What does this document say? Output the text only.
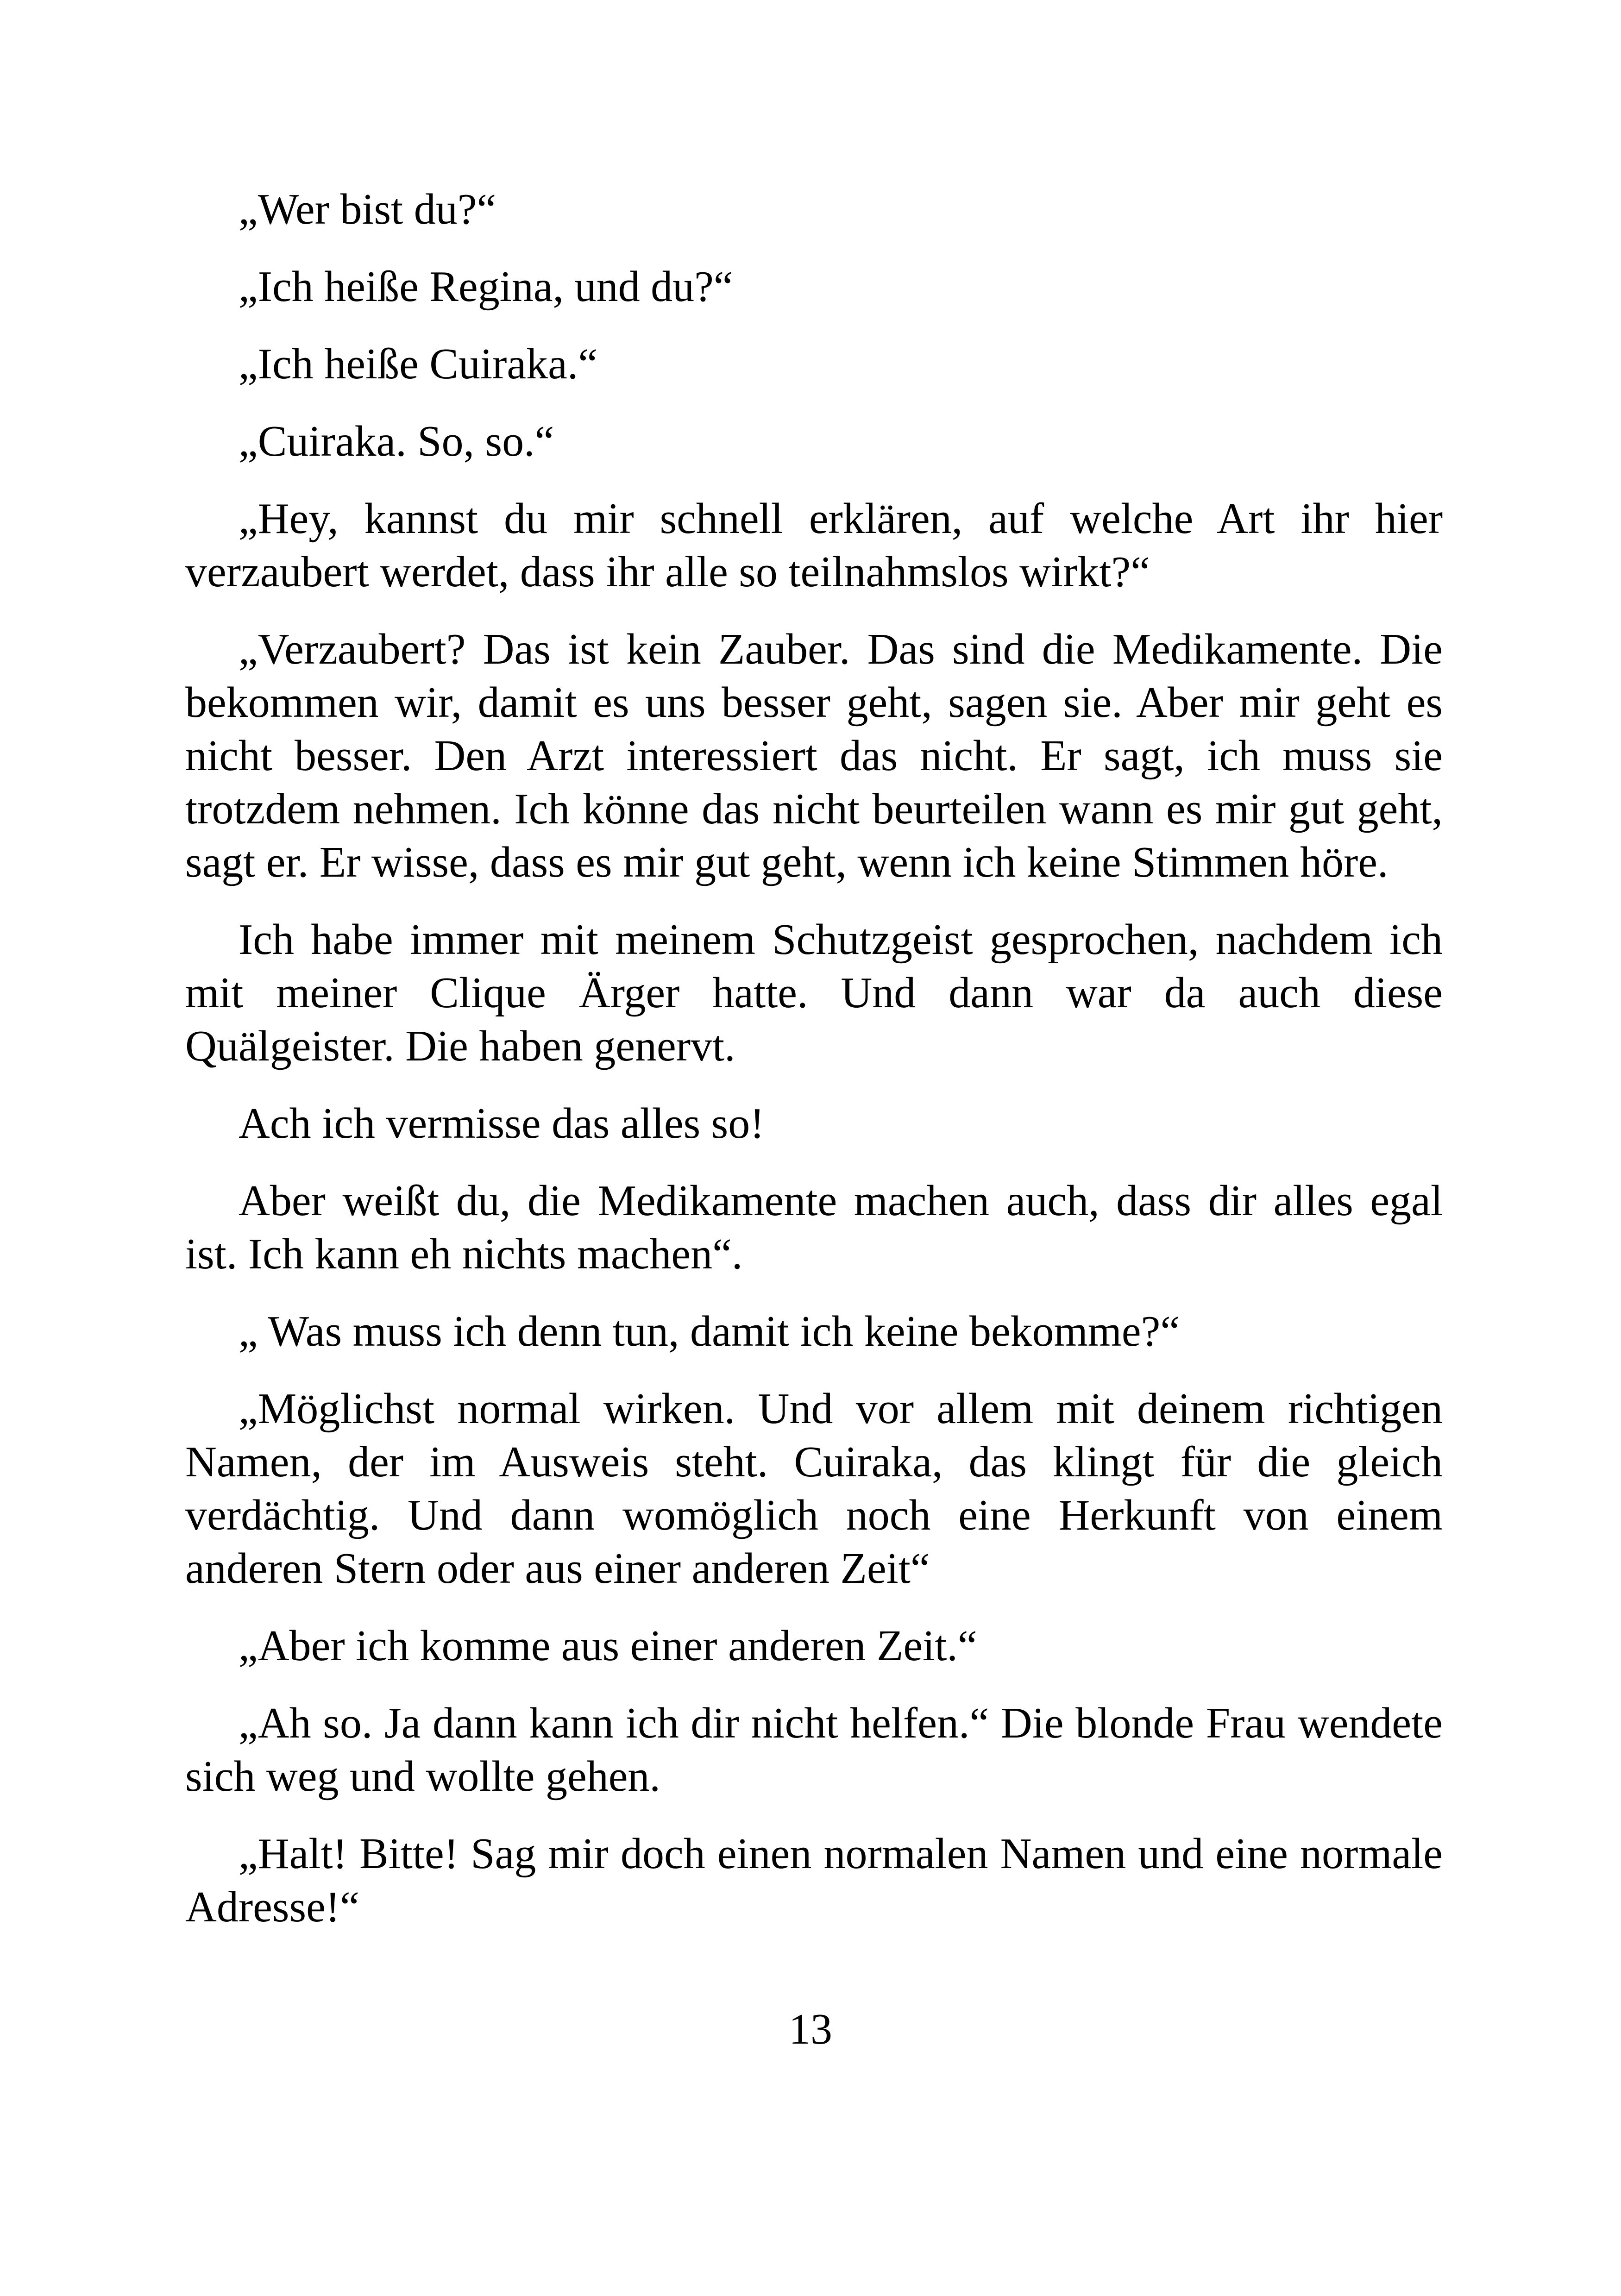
„Wer bist du?“

„Ich heiße Regina, und du?“

„Ich heiße Cuiraka.“

„Cuiraka. So, so.“

„Hey, kannst du mir schnell erklären, auf welche Art ihr hier verzaubert werdet, dass ihr alle so teilnahmslos wirkt?“

„Verzaubert? Das ist kein Zauber. Das sind die Medikamente. Die bekommen wir, damit es uns besser geht, sagen sie. Aber mir geht es nicht besser. Den Arzt interessiert das nicht. Er sagt, ich muss sie trotzdem nehmen. Ich könne das nicht beurteilen wann es mir gut geht, sagt er. Er wisse, dass es mir gut geht, wenn ich keine Stimmen höre.

Ich habe immer mit meinem Schutzgeist gesprochen, nachdem ich mit meiner Clique Ärger hatte. Und dann war da auch diese Quälgeister. Die haben genervt.

Ach ich vermisse das alles so!

Aber weißt du, die Medikamente machen auch, dass dir alles egal ist. Ich kann eh nichts machen“.

„ Was muss ich denn tun, damit ich keine bekomme?“

„Möglichst normal wirken. Und vor allem mit deinem richtigen Namen, der im Ausweis steht. Cuiraka, das klingt für die gleich verdächtig. Und dann womöglich noch eine Herkunft von einem anderen Stern oder aus einer anderen Zeit“

„Aber ich komme aus einer anderen Zeit.“

„Ah so. Ja dann kann ich dir nicht helfen.“ Die blonde Frau wendete sich weg und wollte gehen.

„Halt! Bitte! Sag mir doch einen normalen Namen und eine normale Adresse!“

13
